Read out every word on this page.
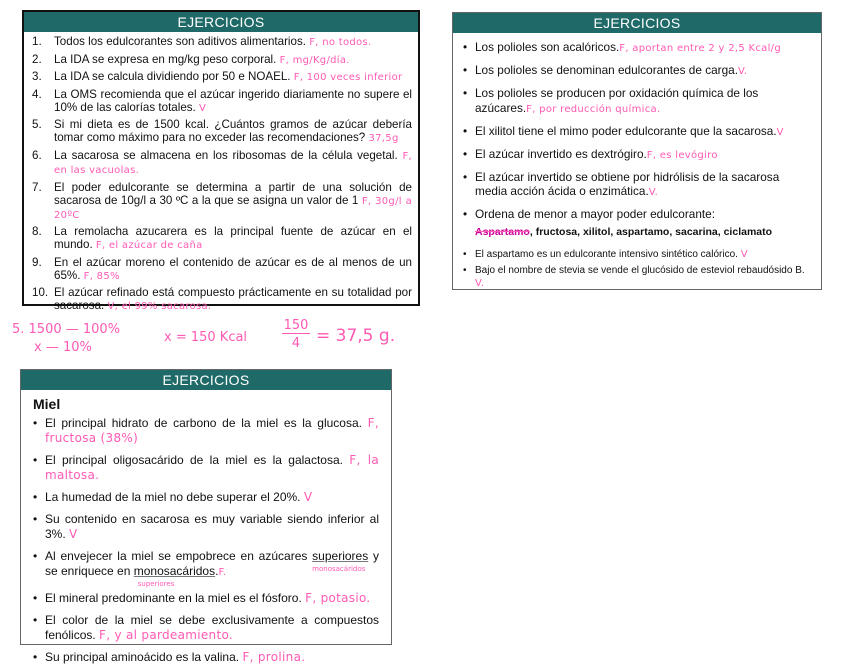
EJERCICIOS
1. Todos los edulcorantes son aditivos alimentarios. F, no todos.
2. La IDA se expresa en mg/kg peso corporal. F, mg/Kg/día.
3. La IDA se calcula dividiendo por 50 e NOAEL. F, 100 veces inferior
4. La OMS recomienda que el azúcar ingerido diariamente no supere el 10% de las calorías totales. V
5. Si mi dieta es de 1500 kcal. ¿Cuántos gramos de azúcar debería tomar como máximo para no exceder las recomendaciones? 37,5g
6. La sacarosa se almacena en los ribosomas de la célula vegetal. F, en las vacuolas.
7. El poder edulcorante se determina a partir de una solución de sacarosa de 10g/l a 30 ºC a la que se asigna un valor de 1 F, 30g/l a 20ºC
8. La remolacha azucarera es la principal fuente de azúcar en el mundo. F, el azúcar de caña
9. En el azúcar moreno el contenido de azúcar es de al menos de un 65%. F, 85%
10. El azúcar refinado está compuesto prácticamente en su totalidad por sacarosa. V, el 99% sacarosa.
EJERCICIOS
• Los polioles son acalóricos.F, aportan entre 2 y 2,5 Kcal/g
• Los polioles se denominan edulcorantes de carga.V.
• Los polioles se producen por oxidación química de los azúcares.F, por reducción química.
• El xilitol tiene el mimo poder edulcorante que la sacarosa.V
• El azúcar invertido es dextrógiro.F, es levógiro
• El azúcar invertido se obtiene por hidrólisis de la sacarosa media acción ácida o enzimática.V.
• Ordena de menor a mayor poder edulcorante:
Aspartamo, fructosa, xilitol, aspartamo, sacarina, ciclamato
• El aspartamo es un edulcorante intensivo sintético calórico. V
• Bajo el nombre de stevia se vende el glucósido de esteviol rebaudósido B. V.
5. 1500 — 100%
x — 10%
x = 150 Kcal
150
4 = 37,5 g.
EJERCICIOS
Miel
• El principal hidrato de carbono de la miel es la glucosa. F, fructosa (38%)
• El principal oligosacárido de la miel es la galactosa. F, la maltosa.
• La humedad de la miel no debe superar el 20%. V
• Su contenido en sacarosa es muy variable siendo inferior al 3%. V
• Al envejecer la miel se empobrece en azúcares superiores
monosacáridos
y se enriquece en monosacáridos
superiores
.F.
• El mineral predominante en la miel es el fósforo. F, potasio.
• El color de la miel se debe exclusivamente a compuestos fenólicos. F, y al pardeamiento.
• Su principal aminoácido es la valina. F, prolina.
